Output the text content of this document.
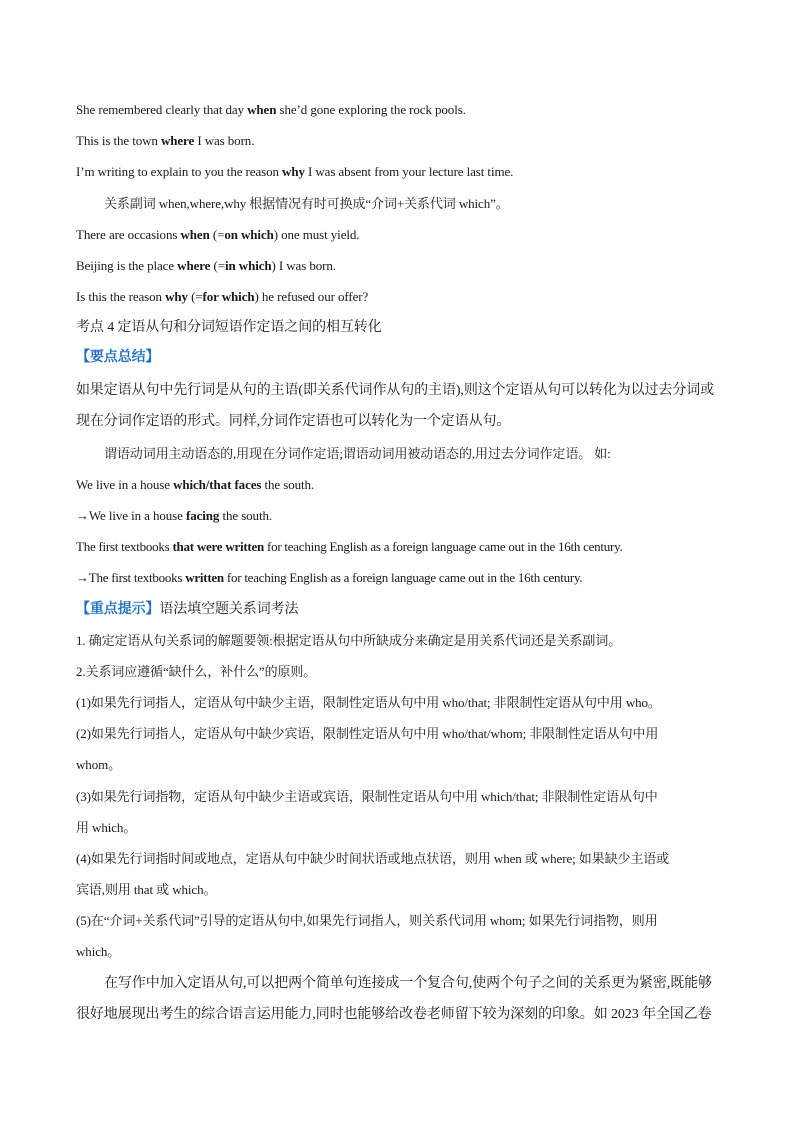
She remembered clearly that day when she’d gone exploring the rock pools.
This is the town where I was born.
I’m writing to explain to you the reason why I was absent from your lecture last time.
关系副词 when,where,why 根据情况有时可换成“介词+关系代词 which”。
There are occasions when (=on which) one must yield.
Beijing is the place where (=in which) I was born.
Is this the reason why (=for which) he refused our offer?
考点 4 定语从句和分词短语作定语之间的相互转化
【要点总结】
如果定语从句中先行词是从句的主语(即关系代词作从句的主语),则这个定语从句可以转化为以过去分词或
现在分词作定语的形式。同样,分词作定语也可以转化为一个定语从句。
谓语动词用主动语态的,用现在分词作定语;谓语动词用被动语态的,用过去分词作定语。 如:
We live in a house which/that faces the south.
→We live in a house facing the south.
The first textbooks that were written for teaching English as a foreign language came out in the 16th century.
→The first textbooks written for teaching English as a foreign language came out in the 16th century.
【重点提示】语法填空题关系词考法
1. 确定定语从句关系词的解题要领:根据定语从句中所缺成分来确定是用关系代词还是关系副词。
2.关系词应遵循“缺什么，补什么”的原则。
(1)如果先行词指人，定语从句中缺少主语，限制性定语从句中用 who/that; 非限制性定语从句中用 who。
(2)如果先行词指人，定语从句中缺少宾语，限制性定语从句中用 who/that/whom; 非限制性定语从句中用
whom。
(3)如果先行词指物，定语从句中缺少主语或宾语，限制性定语从句中用 which/that; 非限制性定语从句中
用 which。
(4)如果先行词指时间或地点，定语从句中缺少时间状语或地点状语，则用 when 或 where; 如果缺少主语或
宾语,则用 that 或 which。
(5)在“介词+关系代词”引导的定语从句中,如果先行词指人，则关系代词用 whom; 如果先行词指物，则用
which。
在写作中加入定语从句,可以把两个简单句连接成一个复合句,使两个句子之间的关系更为紧密,既能够
很好地展现出考生的综合语言运用能力,同时也能够给改卷老师留下较为深刻的印象。如 2023 年全国乙卷
